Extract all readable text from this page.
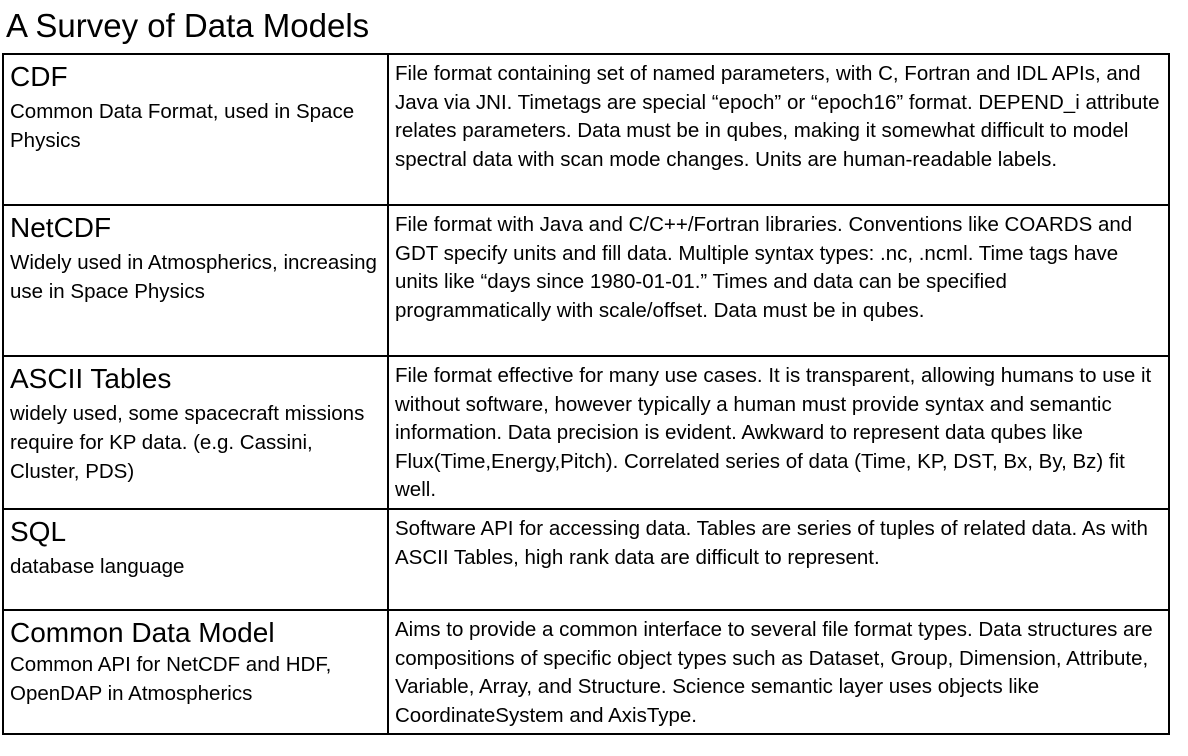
A Survey of Data Models
CDF
Common Data Format, used in Space Physics	File format containing set of named parameters, with C, Fortran and IDL APIs, and Java via JNI. Timetags are special “epoch” or “epoch16” format. DEPEND_i attribute relates parameters. Data must be in qubes, making it somewhat difficult to model spectral data with scan mode changes. Units are human-readable labels.

NetCDF
Widely used in Atmospherics, increasing use in Space Physics	File format with Java and C/C++/Fortran libraries. Conventions like COARDS and GDT specify units and fill data. Multiple syntax types: .nc, .ncml. Time tags have units like “days since 1980-01-01.” Times and data can be specified programmatically with scale/offset. Data must be in qubes.

ASCII Tables
widely used, some spacecraft missions require for KP data. (e.g. Cassini, Cluster, PDS)	File format effective for many use cases. It is transparent, allowing humans to use it without software, however typically a human must provide syntax and semantic information. Data precision is evident. Awkward to represent data qubes like Flux(Time,Energy,Pitch). Correlated series of data (Time, KP, DST, Bx, By, Bz) fit well.

SQL
database language	Software API for accessing data. Tables are series of tuples of related data. As with ASCII Tables, high rank data are difficult to represent.

Common Data Model
Common API for NetCDF and HDF, OpenDAP in Atmospherics	Aims to provide a common interface to several file format types. Data structures are compositions of specific object types such as Dataset, Group, Dimension, Attribute, Variable, Array, and Structure. Science semantic layer uses objects like CoordinateSystem and AxisType.
